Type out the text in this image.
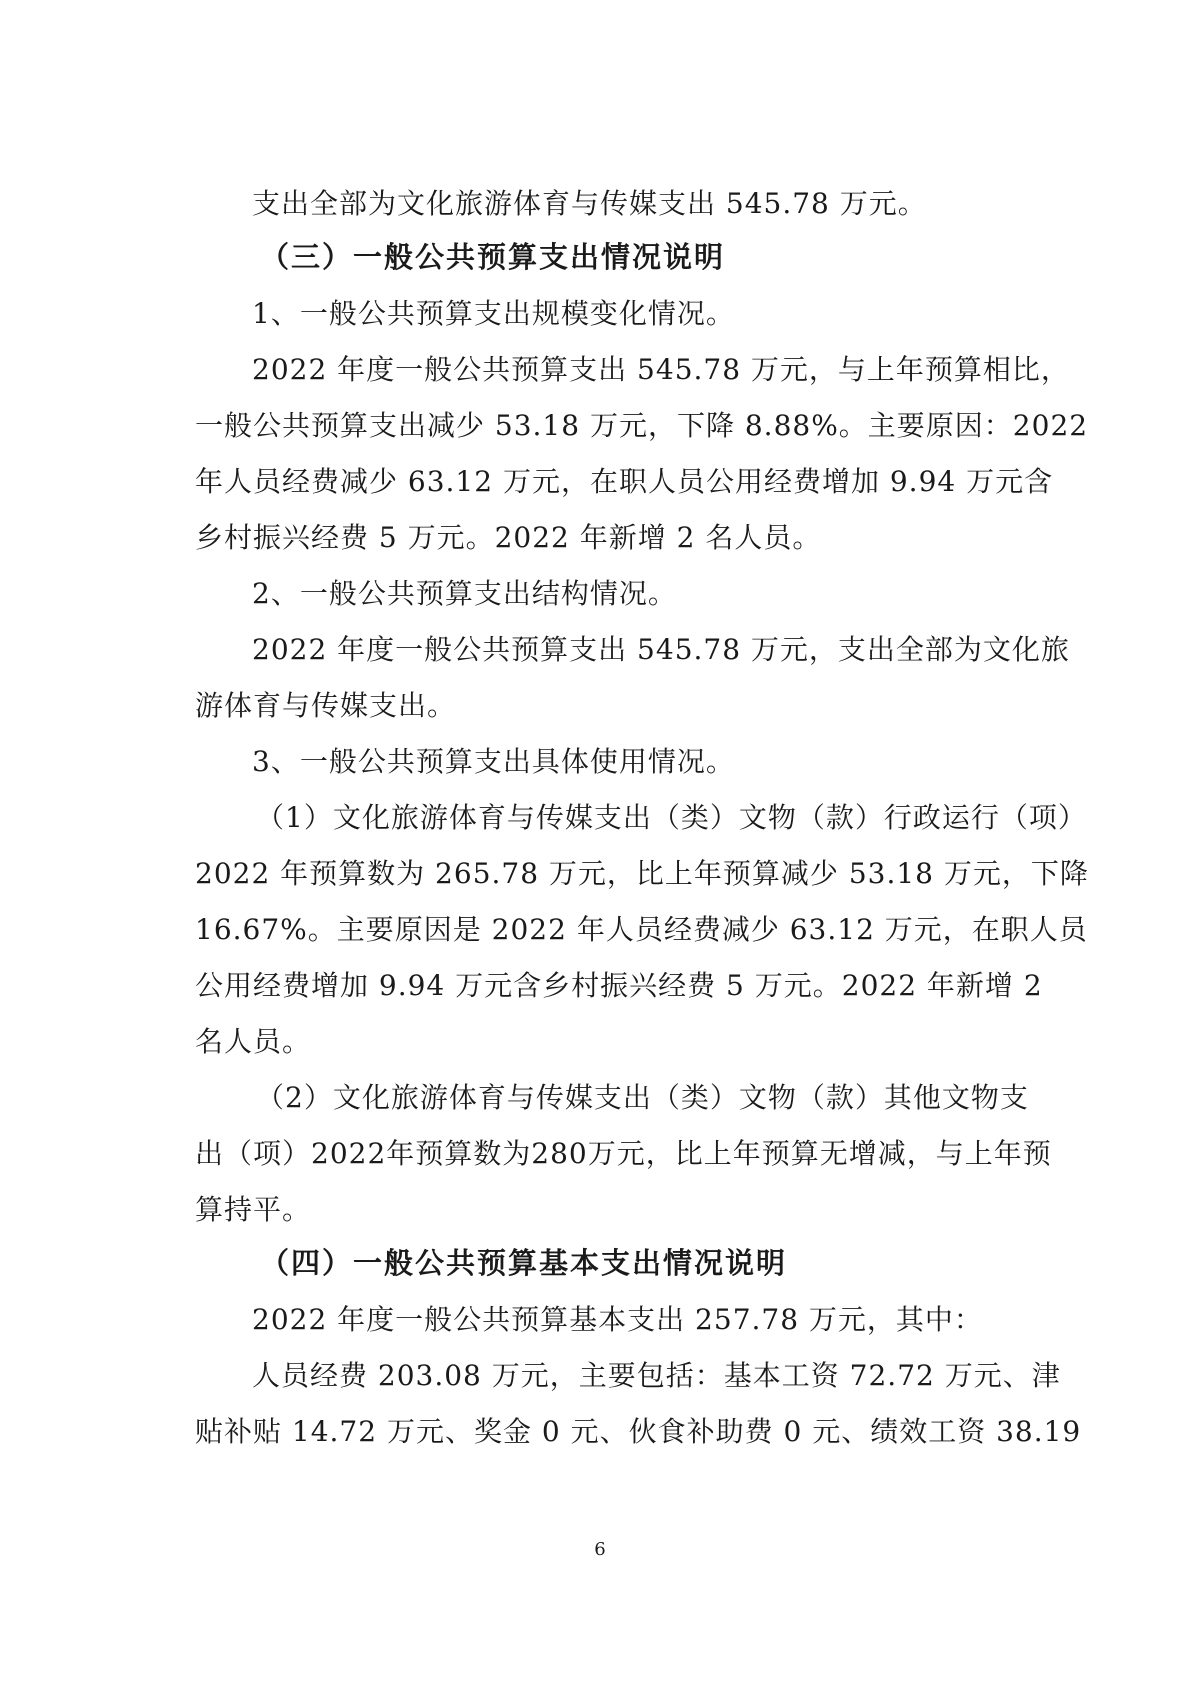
支出全部为文化旅游体育与传媒支出 545.78 万元。
（三）一般公共预算支出情况说明
1、一般公共预算支出规模变化情况。
2022 年度一般公共预算支出 545.78 万元，与上年预算相比，
一般公共预算支出减少 53.18 万元，下降 8.88%。主要原因：2022
年人员经费减少 63.12 万元，在职人员公用经费增加 9.94 万元含
乡村振兴经费 5 万元。2022 年新增 2 名人员。
2、一般公共预算支出结构情况。
2022 年度一般公共预算支出 545.78 万元，支出全部为文化旅
游体育与传媒支出。
3、一般公共预算支出具体使用情况。
（1）文化旅游体育与传媒支出（类）文物（款）行政运行（项）
2022 年预算数为 265.78 万元，比上年预算减少 53.18 万元，下降
16.67%。主要原因是 2022 年人员经费减少 63.12 万元，在职人员
公用经费增加 9.94 万元含乡村振兴经费 5 万元。2022 年新增 2
名人员。
（2）文化旅游体育与传媒支出（类）文物（款）其他文物支
出（项）2022年预算数为280万元，比上年预算无增减，与上年预
算持平。
（四）一般公共预算基本支出情况说明
2022 年度一般公共预算基本支出 257.78 万元，其中：
人员经费 203.08 万元，主要包括：基本工资 72.72 万元、津
贴补贴 14.72 万元、奖金 0 元、伙食补助费 0 元、绩效工资 38.19
6
